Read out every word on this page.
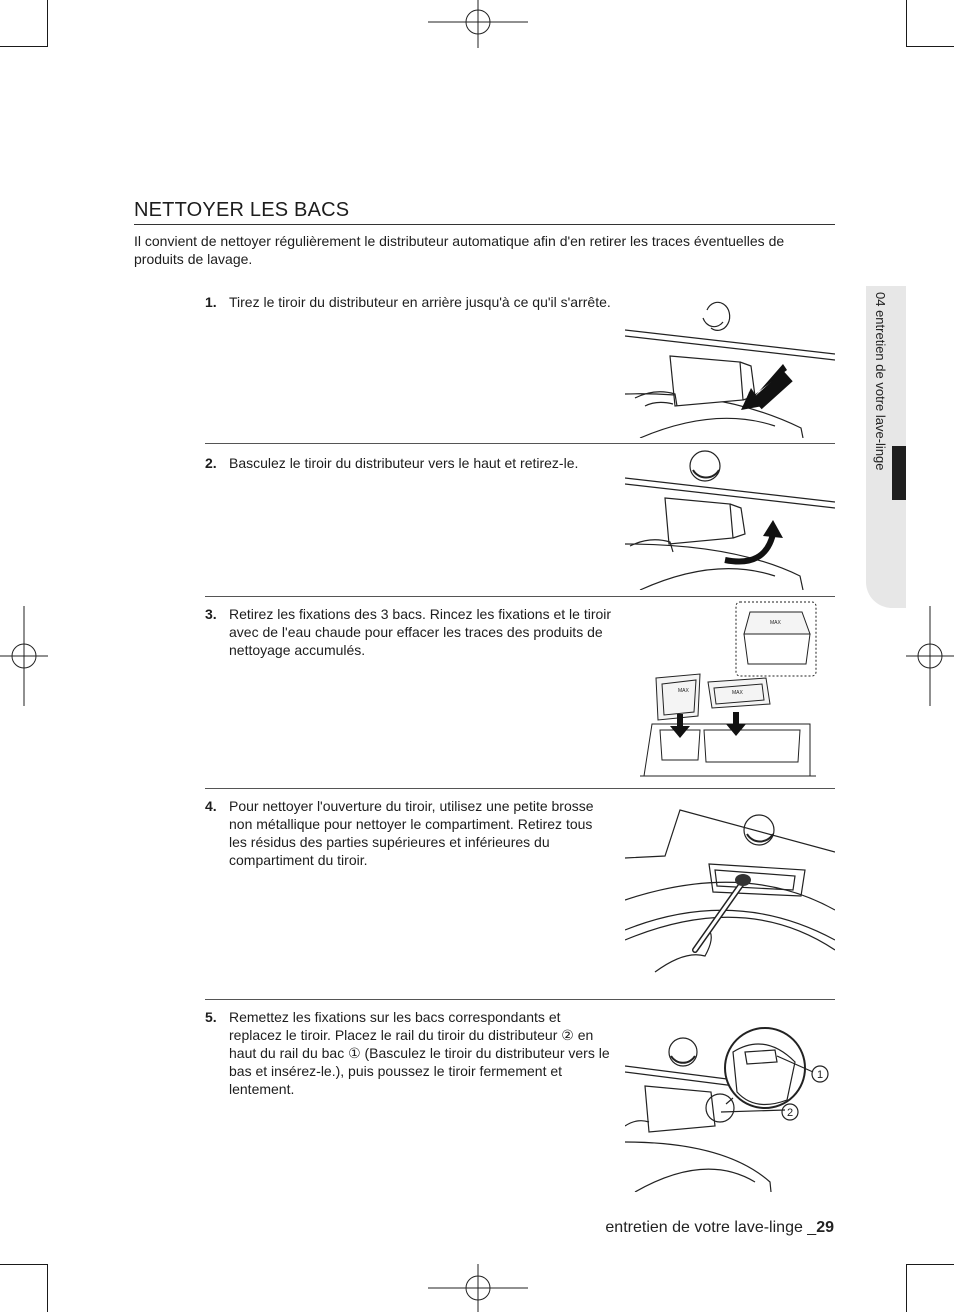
04 entretien de votre lave-linge
NETTOYER LES BACS

Il convient de nettoyer régulièrement le distributeur automatique afin d'en retirer les traces éventuelles de produits de lavage.

1. Tirez le tiroir du distributeur en arrière jusqu'à ce qu'il s'arrête.
2. Basculez le tiroir du distributeur vers le haut et retirez-le.
3. Retirez les fixations des 3 bacs. Rincez les fixations et le tiroir avec de l'eau chaude pour effacer les traces des produits de nettoyage accumulés.
MAX
MAX	MAX
4. Pour nettoyer l'ouverture du tiroir, utilisez une petite brosse non métallique pour nettoyer le compartiment. Retirez tous les résidus des parties supérieures et inférieures du compartiment du tiroir.
5. Remettez les fixations sur les bacs correspondants et replacez le tiroir. Placez le rail du tiroir du distributeur ② en haut du rail du bac ① (Basculez le tiroir du distributeur vers le bas et insérez-le.), puis poussez le tiroir fermement et lentement.
1
2
entretien de votre lave-linge _29
